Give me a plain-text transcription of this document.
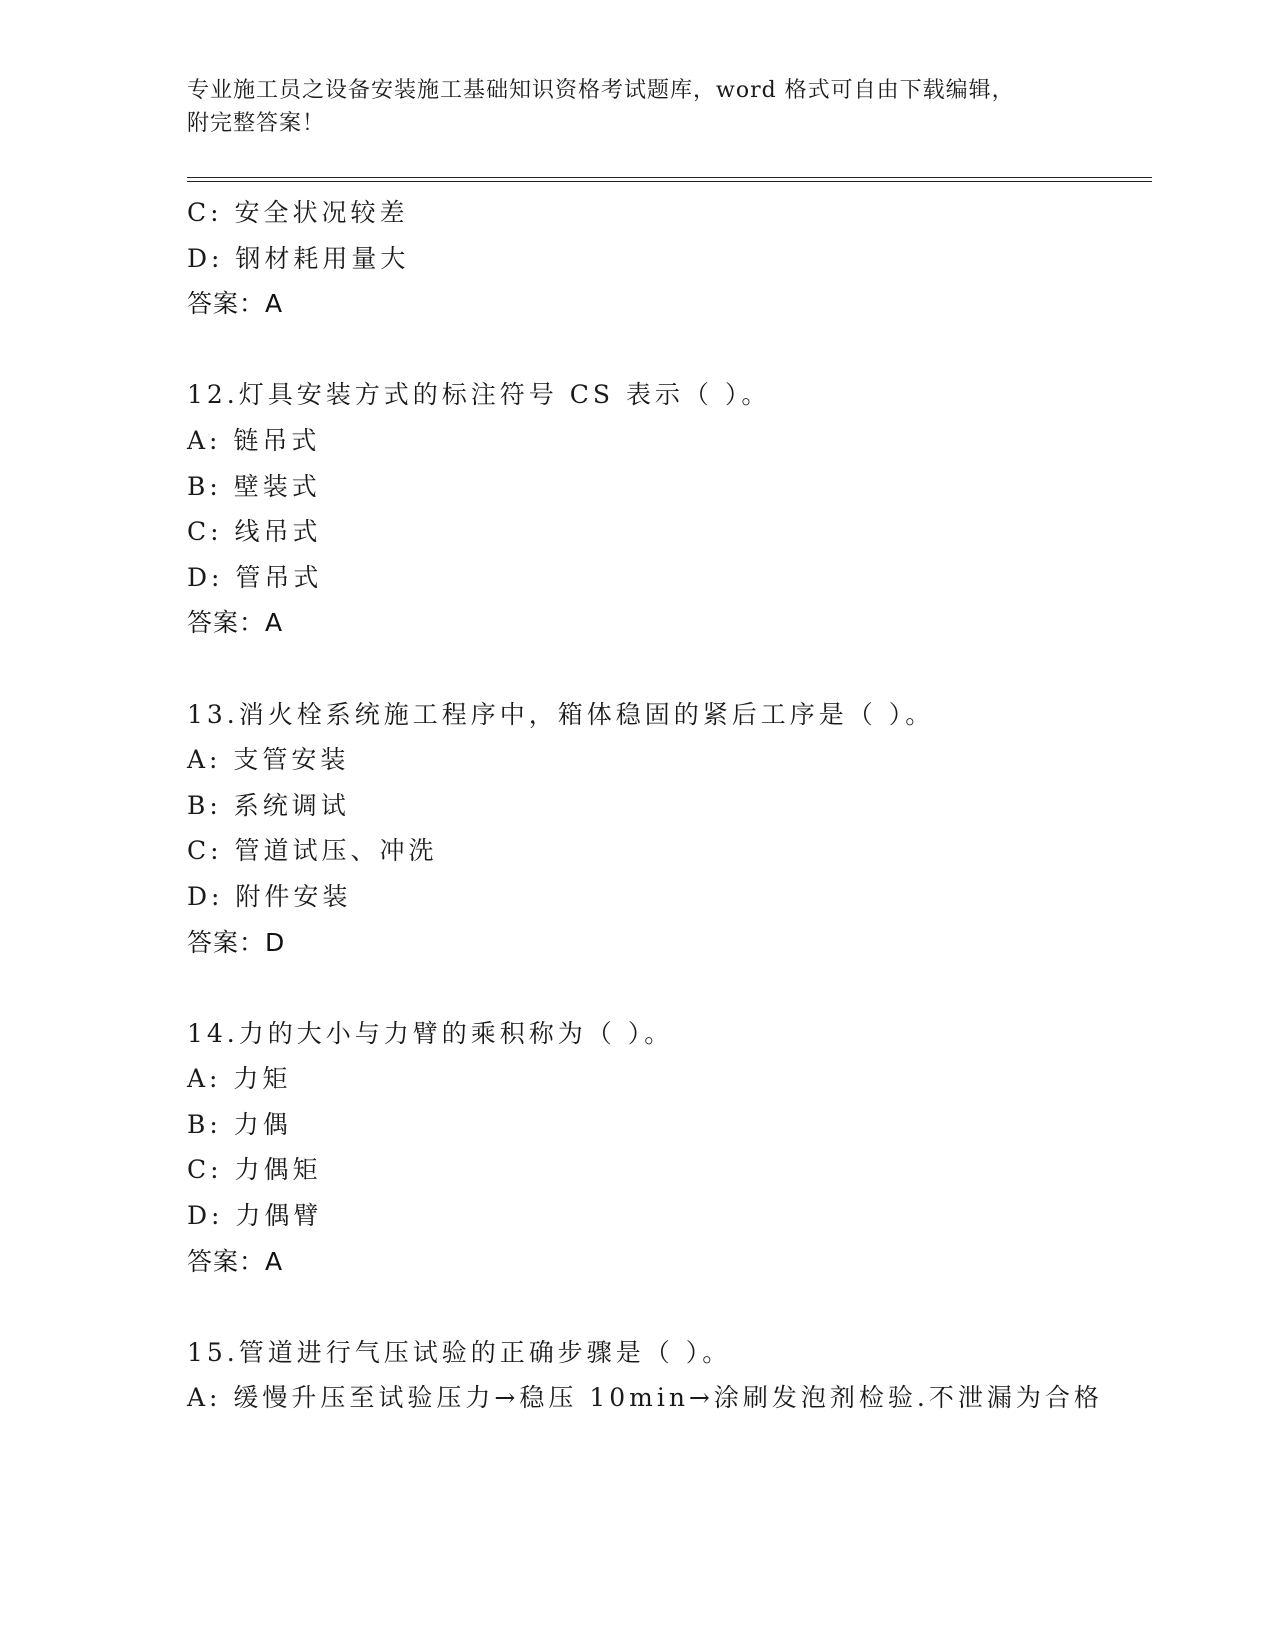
专业施工员之设备安装施工基础知识资格考试题库，word 格式可自由下载编辑，
附完整答案！
C: 安全状况较差
D: 钢材耗用量大
答案：A
12.灯具安装方式的标注符号 CS 表示（ ）。
A: 链吊式
B: 壁装式
C: 线吊式
D: 管吊式
答案：A
13.消火栓系统施工程序中，箱体稳固的紧后工序是（ ）。
A: 支管安装
B: 系统调试
C: 管道试压、冲洗
D: 附件安装
答案：D
14.力的大小与力臂的乘积称为（ ）。
A: 力矩
B: 力偶
C: 力偶矩
D: 力偶臂
答案：A
15.管道进行气压试验的正确步骤是（ ）。
A: 缓慢升压至试验压力→稳压 10min→涂刷发泡剂检验.不泄漏为合格
